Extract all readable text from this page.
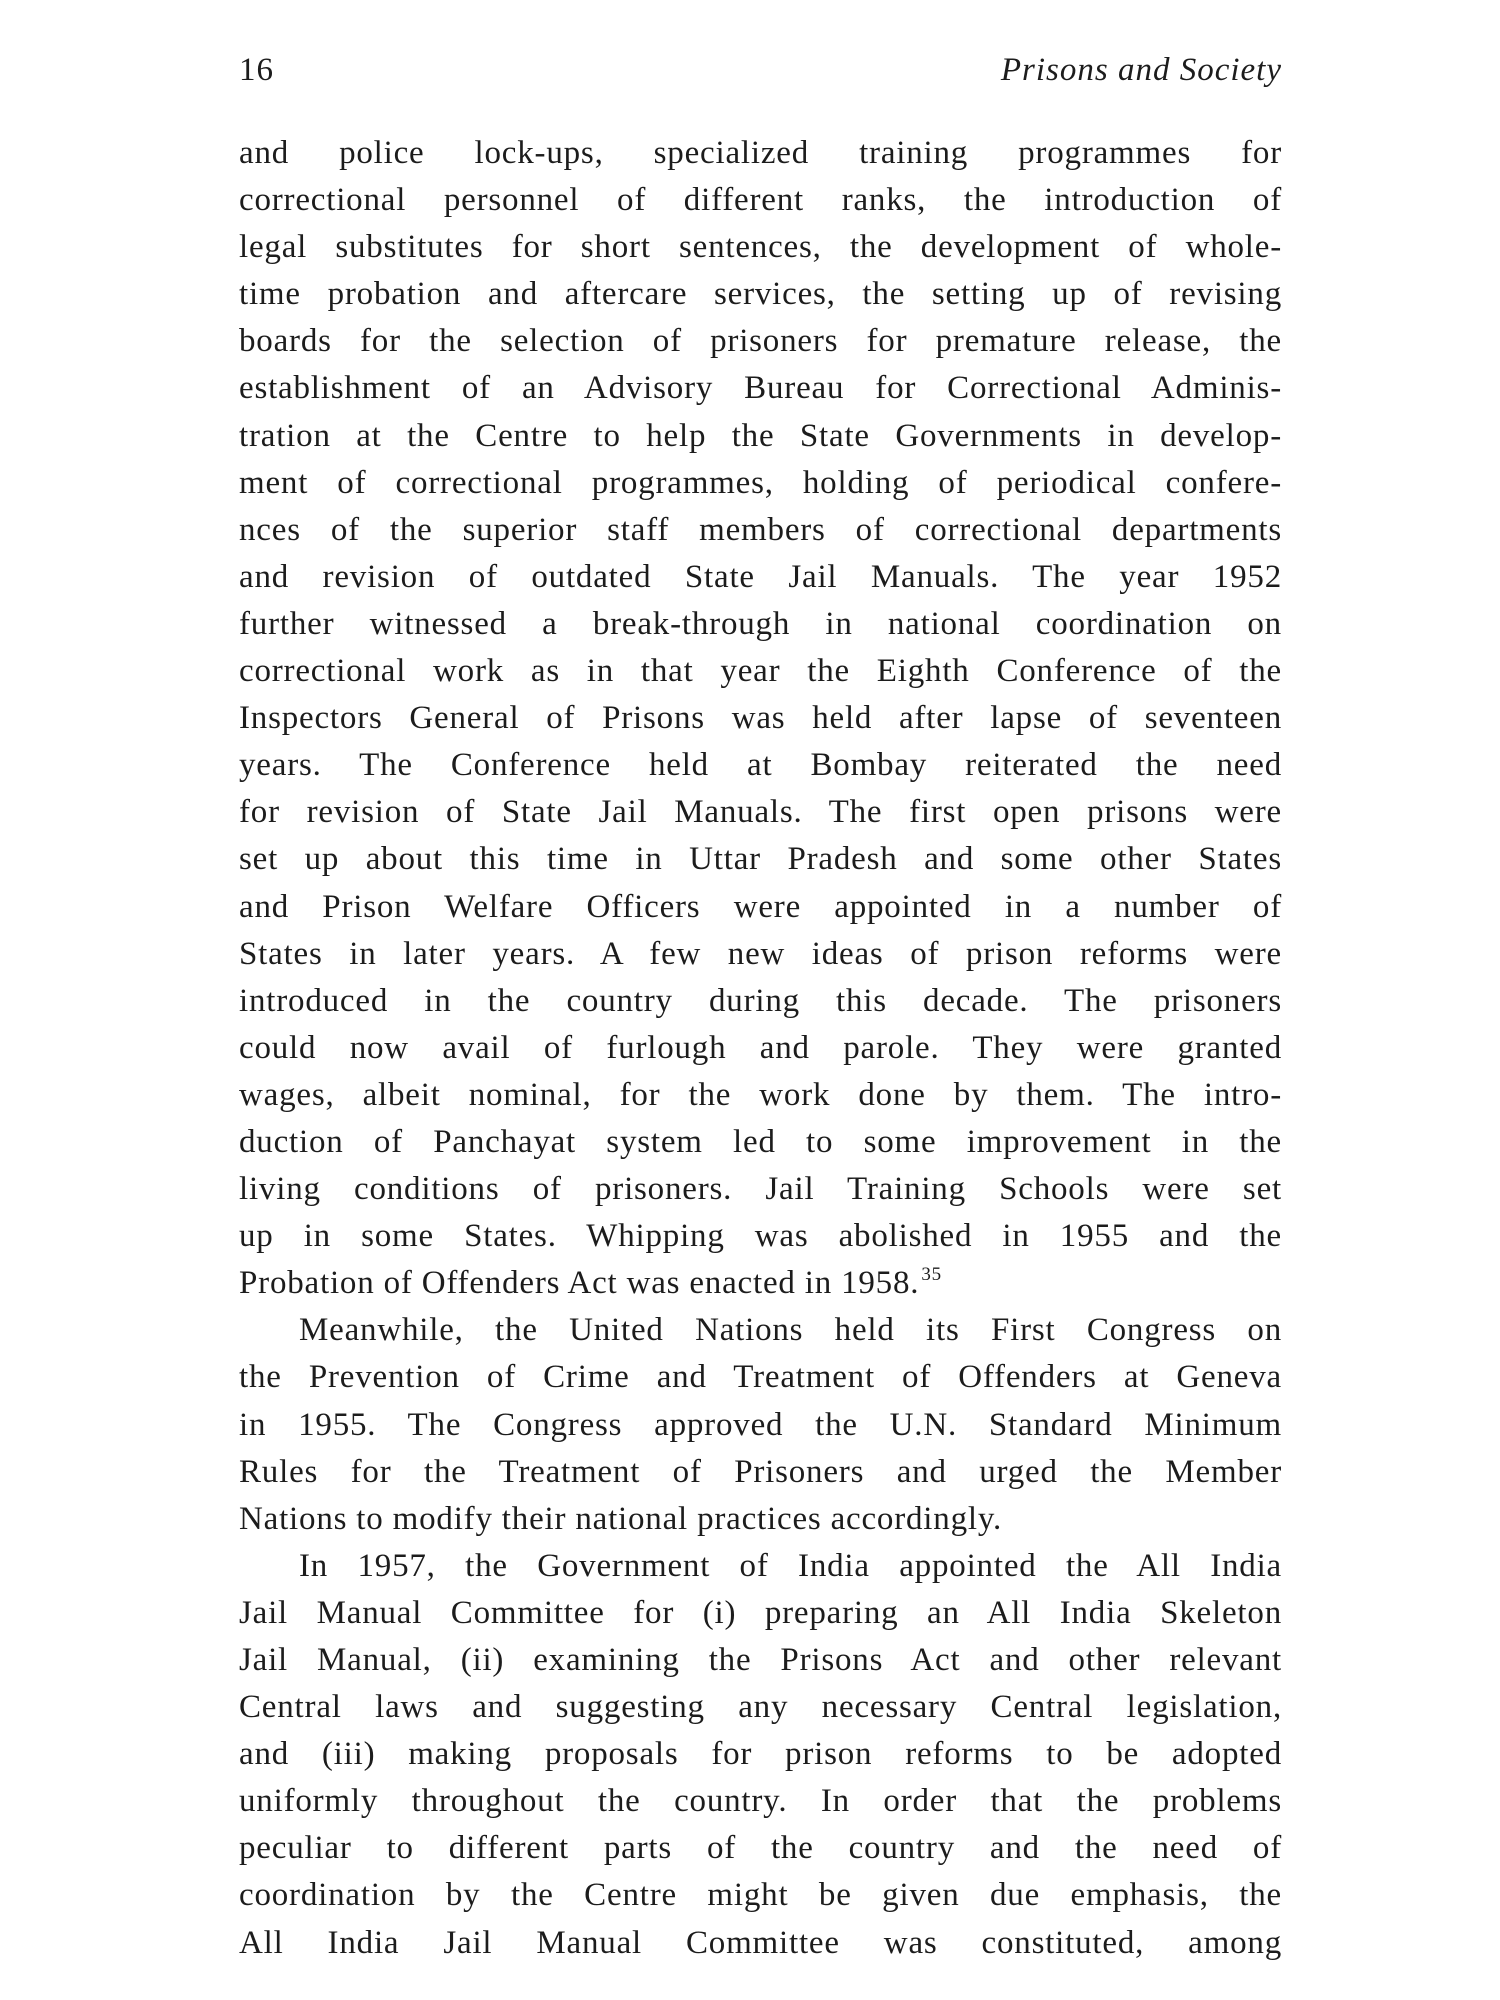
16	Prisons and Society
and police lock-ups, specialized training programmes for
correctional personnel of different ranks, the introduction of
legal substitutes for short sentences, the development of whole-
time probation and aftercare services, the setting up of revising
boards for the selection of prisoners for premature release, the
establishment of an Advisory Bureau for Correctional Adminis-
tration at the Centre to help the State Governments in develop-
ment of correctional programmes, holding of periodical confere-
nces of the superior staff members of correctional departments
and revision of outdated State Jail Manuals. The year 1952
further witnessed a break-through in national coordination on
correctional work as in that year the Eighth Conference of the
Inspectors General of Prisons was held after lapse of seventeen
years. The Conference held at Bombay reiterated the need
for revision of State Jail Manuals. The first open prisons were
set up about this time in Uttar Pradesh and some other States
and Prison Welfare Officers were appointed in a number of
States in later years. A few new ideas of prison reforms were
introduced in the country during this decade. The prisoners
could now avail of furlough and parole. They were granted
wages, albeit nominal, for the work done by them. The intro-
duction of Panchayat system led to some improvement in the
living conditions of prisoners. Jail Training Schools were set
up in some States. Whipping was abolished in 1955 and the
Probation of Offenders Act was enacted in 1958. $^{35}$
Meanwhile, the United Nations held its First Congress on
the Prevention of Crime and Treatment of Offenders at Geneva
in 1955. The Congress approved the U.N. Standard Minimum
Rules for the Treatment of Prisoners and urged the Member
Nations to modify their national practices accordingly.
In 1957, the Government of India appointed the All India
Jail Manual Committee for (i) preparing an All India Skeleton
Jail Manual, (ii) examining the Prisons Act and other relevant
Central laws and suggesting any necessary Central legislation,
and (iii) making proposals for prison reforms to be adopted
uniformly throughout the country. In order that the problems
peculiar to different parts of the country and the need of
coordination by the Centre might be given due emphasis, the
All India Jail Manual Committee was constituted, among
